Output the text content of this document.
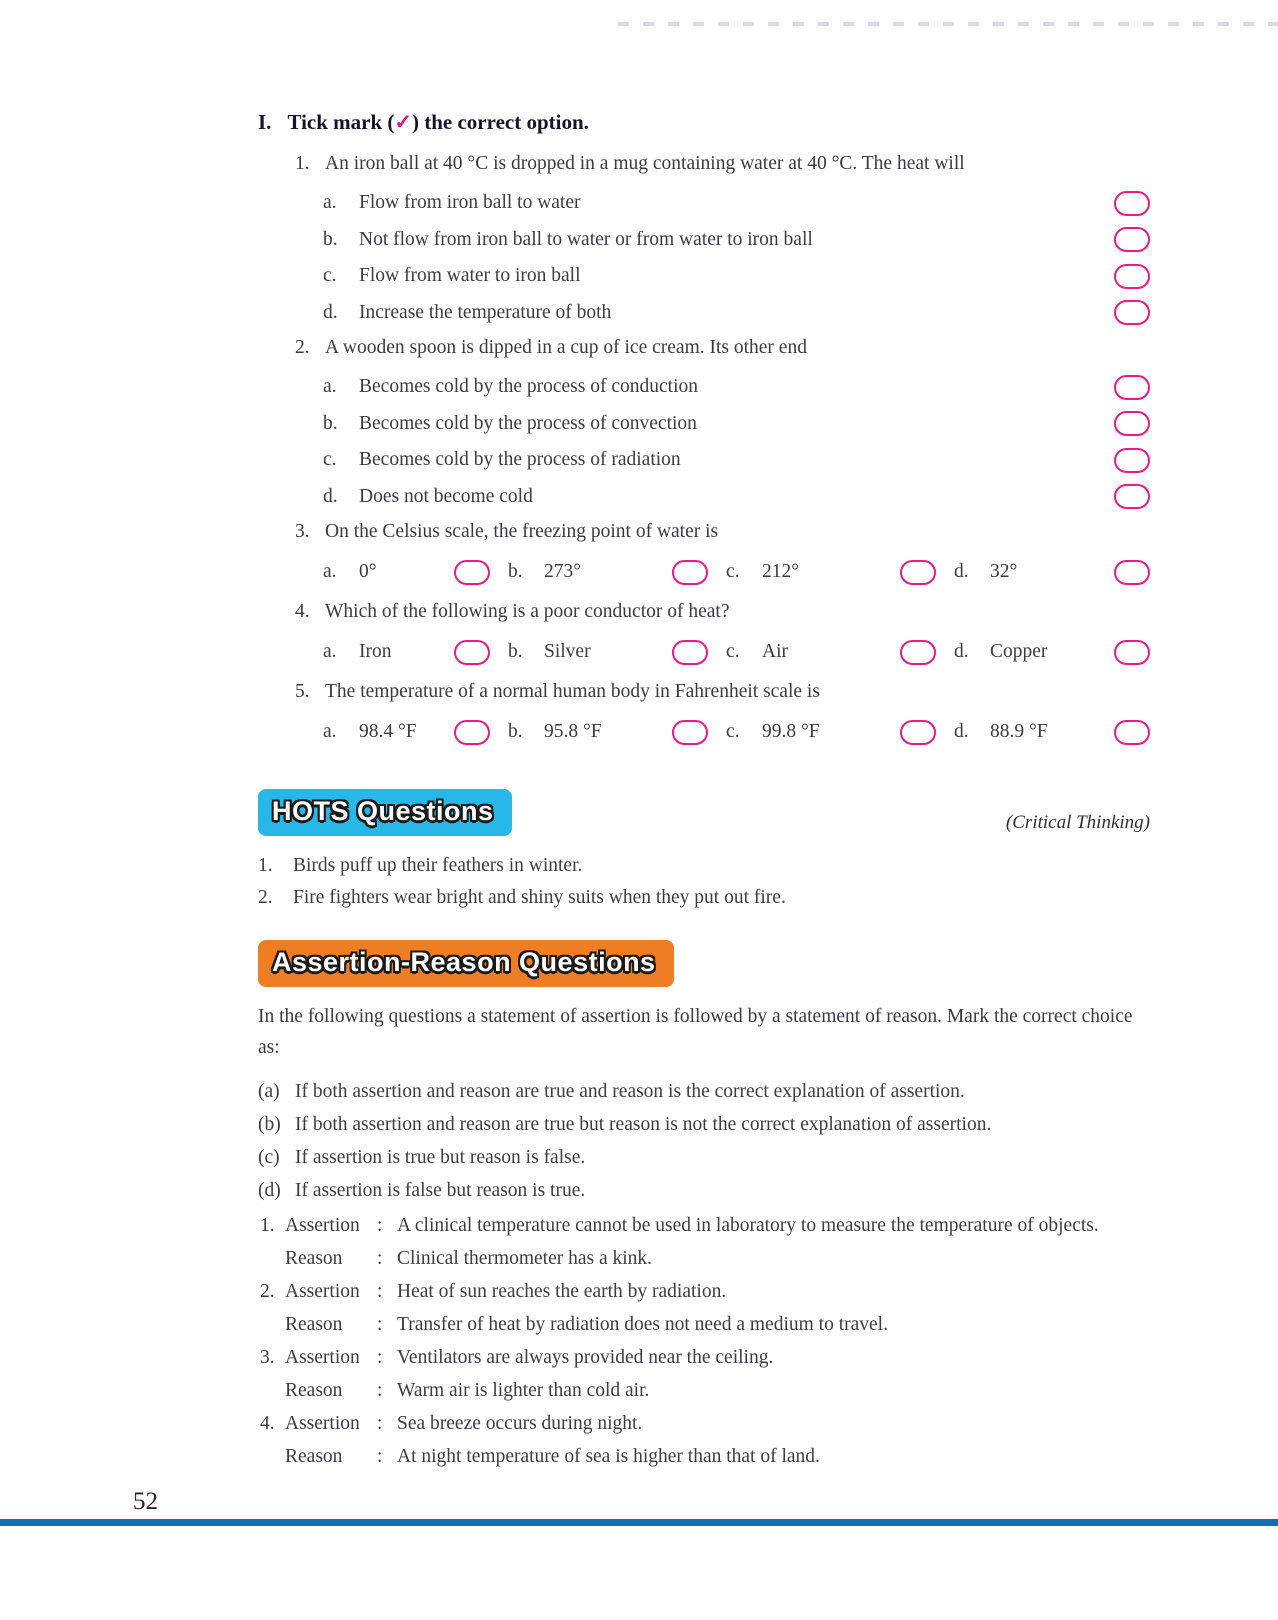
I. Tick mark (✓) the correct option.
1. An iron ball at 40 °C is dropped in a mug containing water at 40 °C. The heat will
a.	Flow from iron ball to water
b.	Not flow from iron ball to water or from water to iron ball
c.	Flow from water to iron ball
d.	Increase the temperature of both
2. A wooden spoon is dipped in a cup of ice cream. Its other end
a.	Becomes cold by the process of conduction
b.	Becomes cold by the process of convection
c.	Becomes cold by the process of radiation
d.	Does not become cold
3. On the Celsius scale, the freezing point of water is
a.	0°	b.	273°	c.	212°	d.	32°
4. Which of the following is a poor conductor of heat?
a.	Iron	b.	Silver	c.	Air	d.	Copper
5. The temperature of a normal human body in Fahrenheit scale is
a.	98.4 °F	b.	95.8 °F	c.	99.8 °F	d.	88.9 °F
HOTS Questions	(Critical Thinking)
1.	Birds puff up their feathers in winter.
2.	Fire fighters wear bright and shiny suits when they put out fire.
Assertion-Reason Questions

In the following questions a statement of assertion is followed by a statement of reason. Mark the correct choice as:

(a) If both assertion and reason are true and reason is the correct explanation of assertion.
(b) If both assertion and reason are true but reason is not the correct explanation of assertion.
(c) If assertion is true but reason is false.
(d) If assertion is false but reason is true.
1. Assertion : A clinical temperature cannot be used in laboratory to measure the temperature of objects.
Reason	: Clinical thermometer has a kink.
2. Assertion : Heat of sun reaches the earth by radiation.
Reason	: Transfer of heat by radiation does not need a medium to travel.
3. Assertion : Ventilators are always provided near the ceiling.
Reason	: Warm air is lighter than cold air.
4. Assertion : Sea breeze occurs during night.
Reason	: At night temperature of sea is higher than that of land.
52
